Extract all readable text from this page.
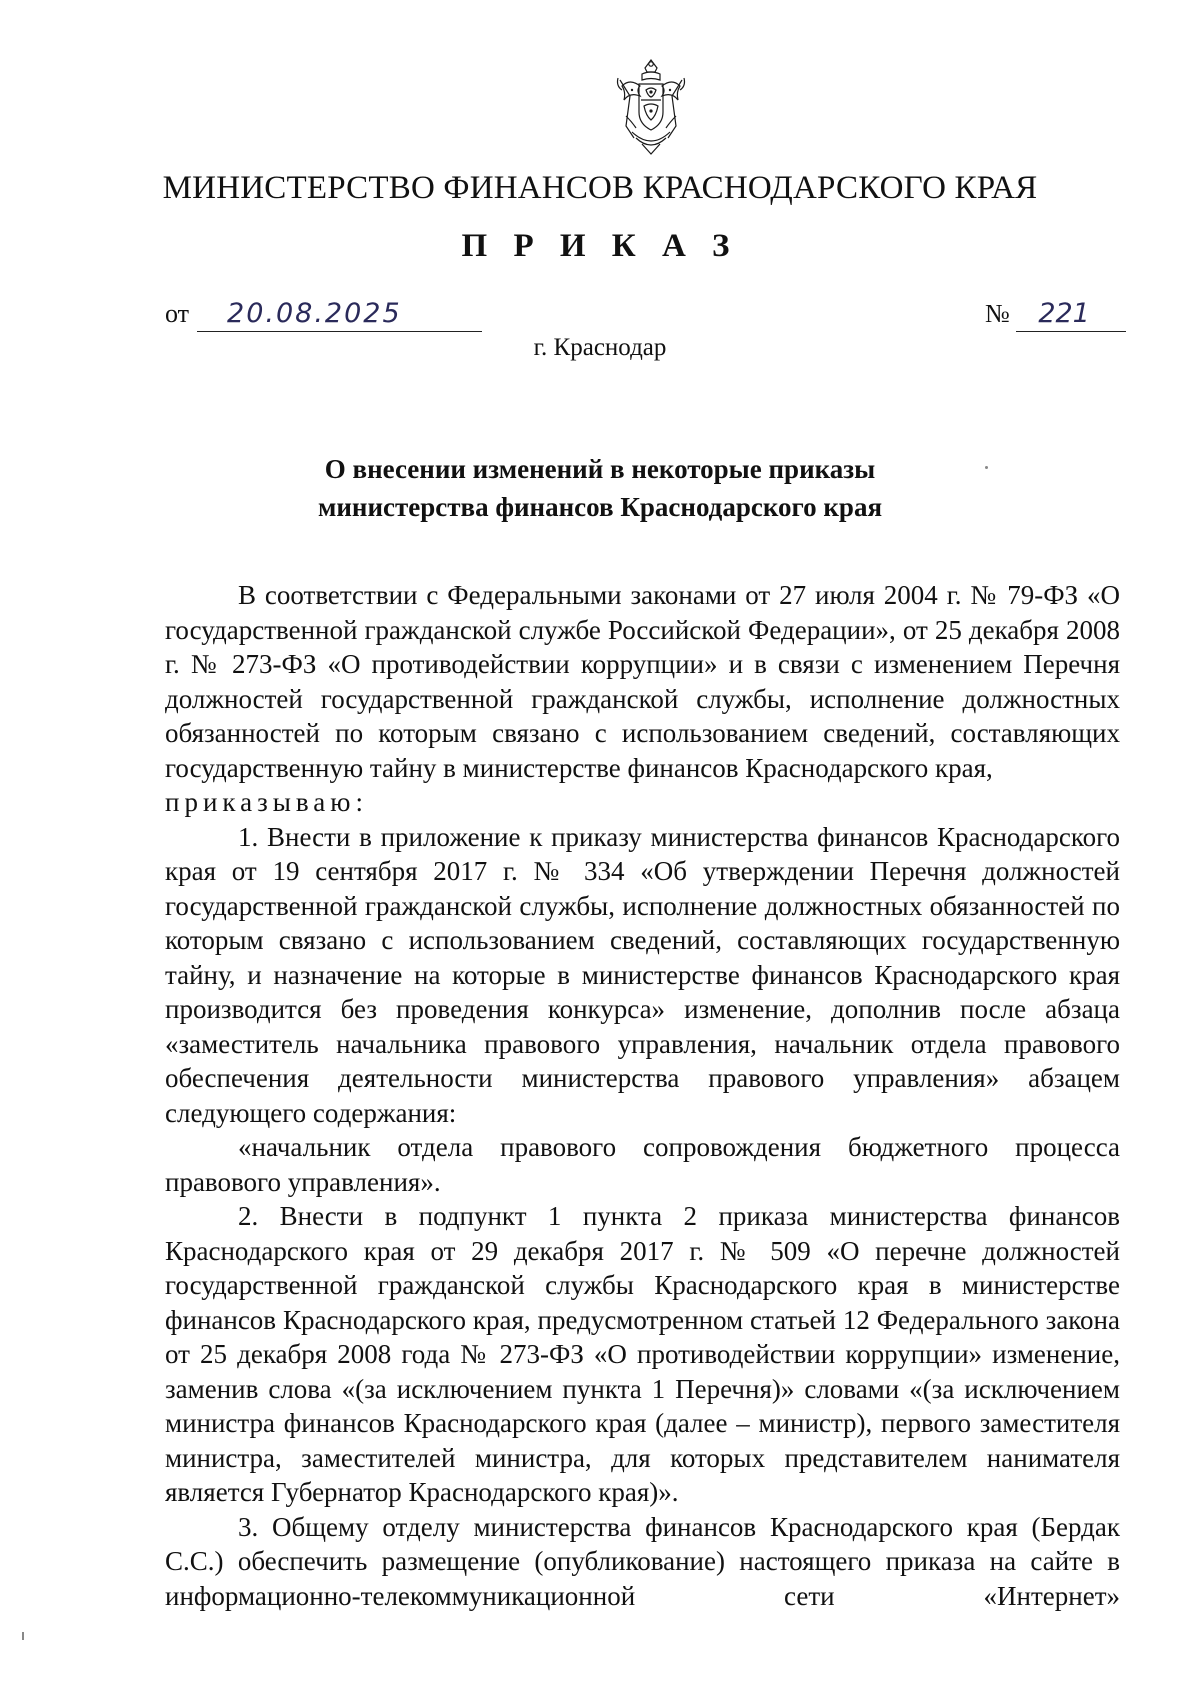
МИНИСТЕРСТВО ФИНАНСОВ КРАСНОДАРСКОГО КРАЯ
П Р И К А З
от 20.08.2025	№ 221
г. Краснодар
О внесении изменений в некоторые приказы
министерства финансов Краснодарского края

В соответствии с Федеральными законами от 27 июля 2004 г. № 79-ФЗ «О государственной гражданской службе Российской Федерации», от 25 декабря 2008 г. № 273-ФЗ «О противодействии коррупции» и в связи с изменением Перечня должностей государственной гражданской службы, исполнение должностных обязанностей по которым связано с использованием сведений, составляющих государственную тайну в министерстве финансов Краснодарского края,
приказываю:

1. Внести в приложение к приказу министерства финансов Краснодарского края от 19 сентября 2017 г. № 334 «Об утверждении Перечня должностей государственной гражданской службы, исполнение должностных обязанностей по которым связано с использованием сведений, составляющих государственную тайну, и назначение на которые в министерстве финансов Краснодарского края производится без проведения конкурса» изменение, дополнив после абзаца «заместитель начальника правового управления, начальник отдела правового обеспечения деятельности министерства правового управления» абзацем следующего содержания:

«начальник отдела правового сопровождения бюджетного процесса правового управления».

2. Внести в подпункт 1 пункта 2 приказа министерства финансов Краснодарского края от 29 декабря 2017 г. № 509 «О перечне должностей государственной гражданской службы Краснодарского края в министерстве финансов Краснодарского края, предусмотренном статьей 12 Федерального закона от 25 декабря 2008 года № 273-ФЗ «О противодействии коррупции» изменение, заменив слова «(за исключением пункта 1 Перечня)» словами «(за исключением министра финансов Краснодарского края (далее – министр), первого заместителя министра, заместителей министра, для которых представителем нанимателя является Губернатор Краснодарского края)».

3. Общему отделу министерства финансов Краснодарского края (Бердак С.С.) обеспечить размещение (опубликование) настоящего приказа на сайте в информационно-телекоммуникационной сети «Интернет»
